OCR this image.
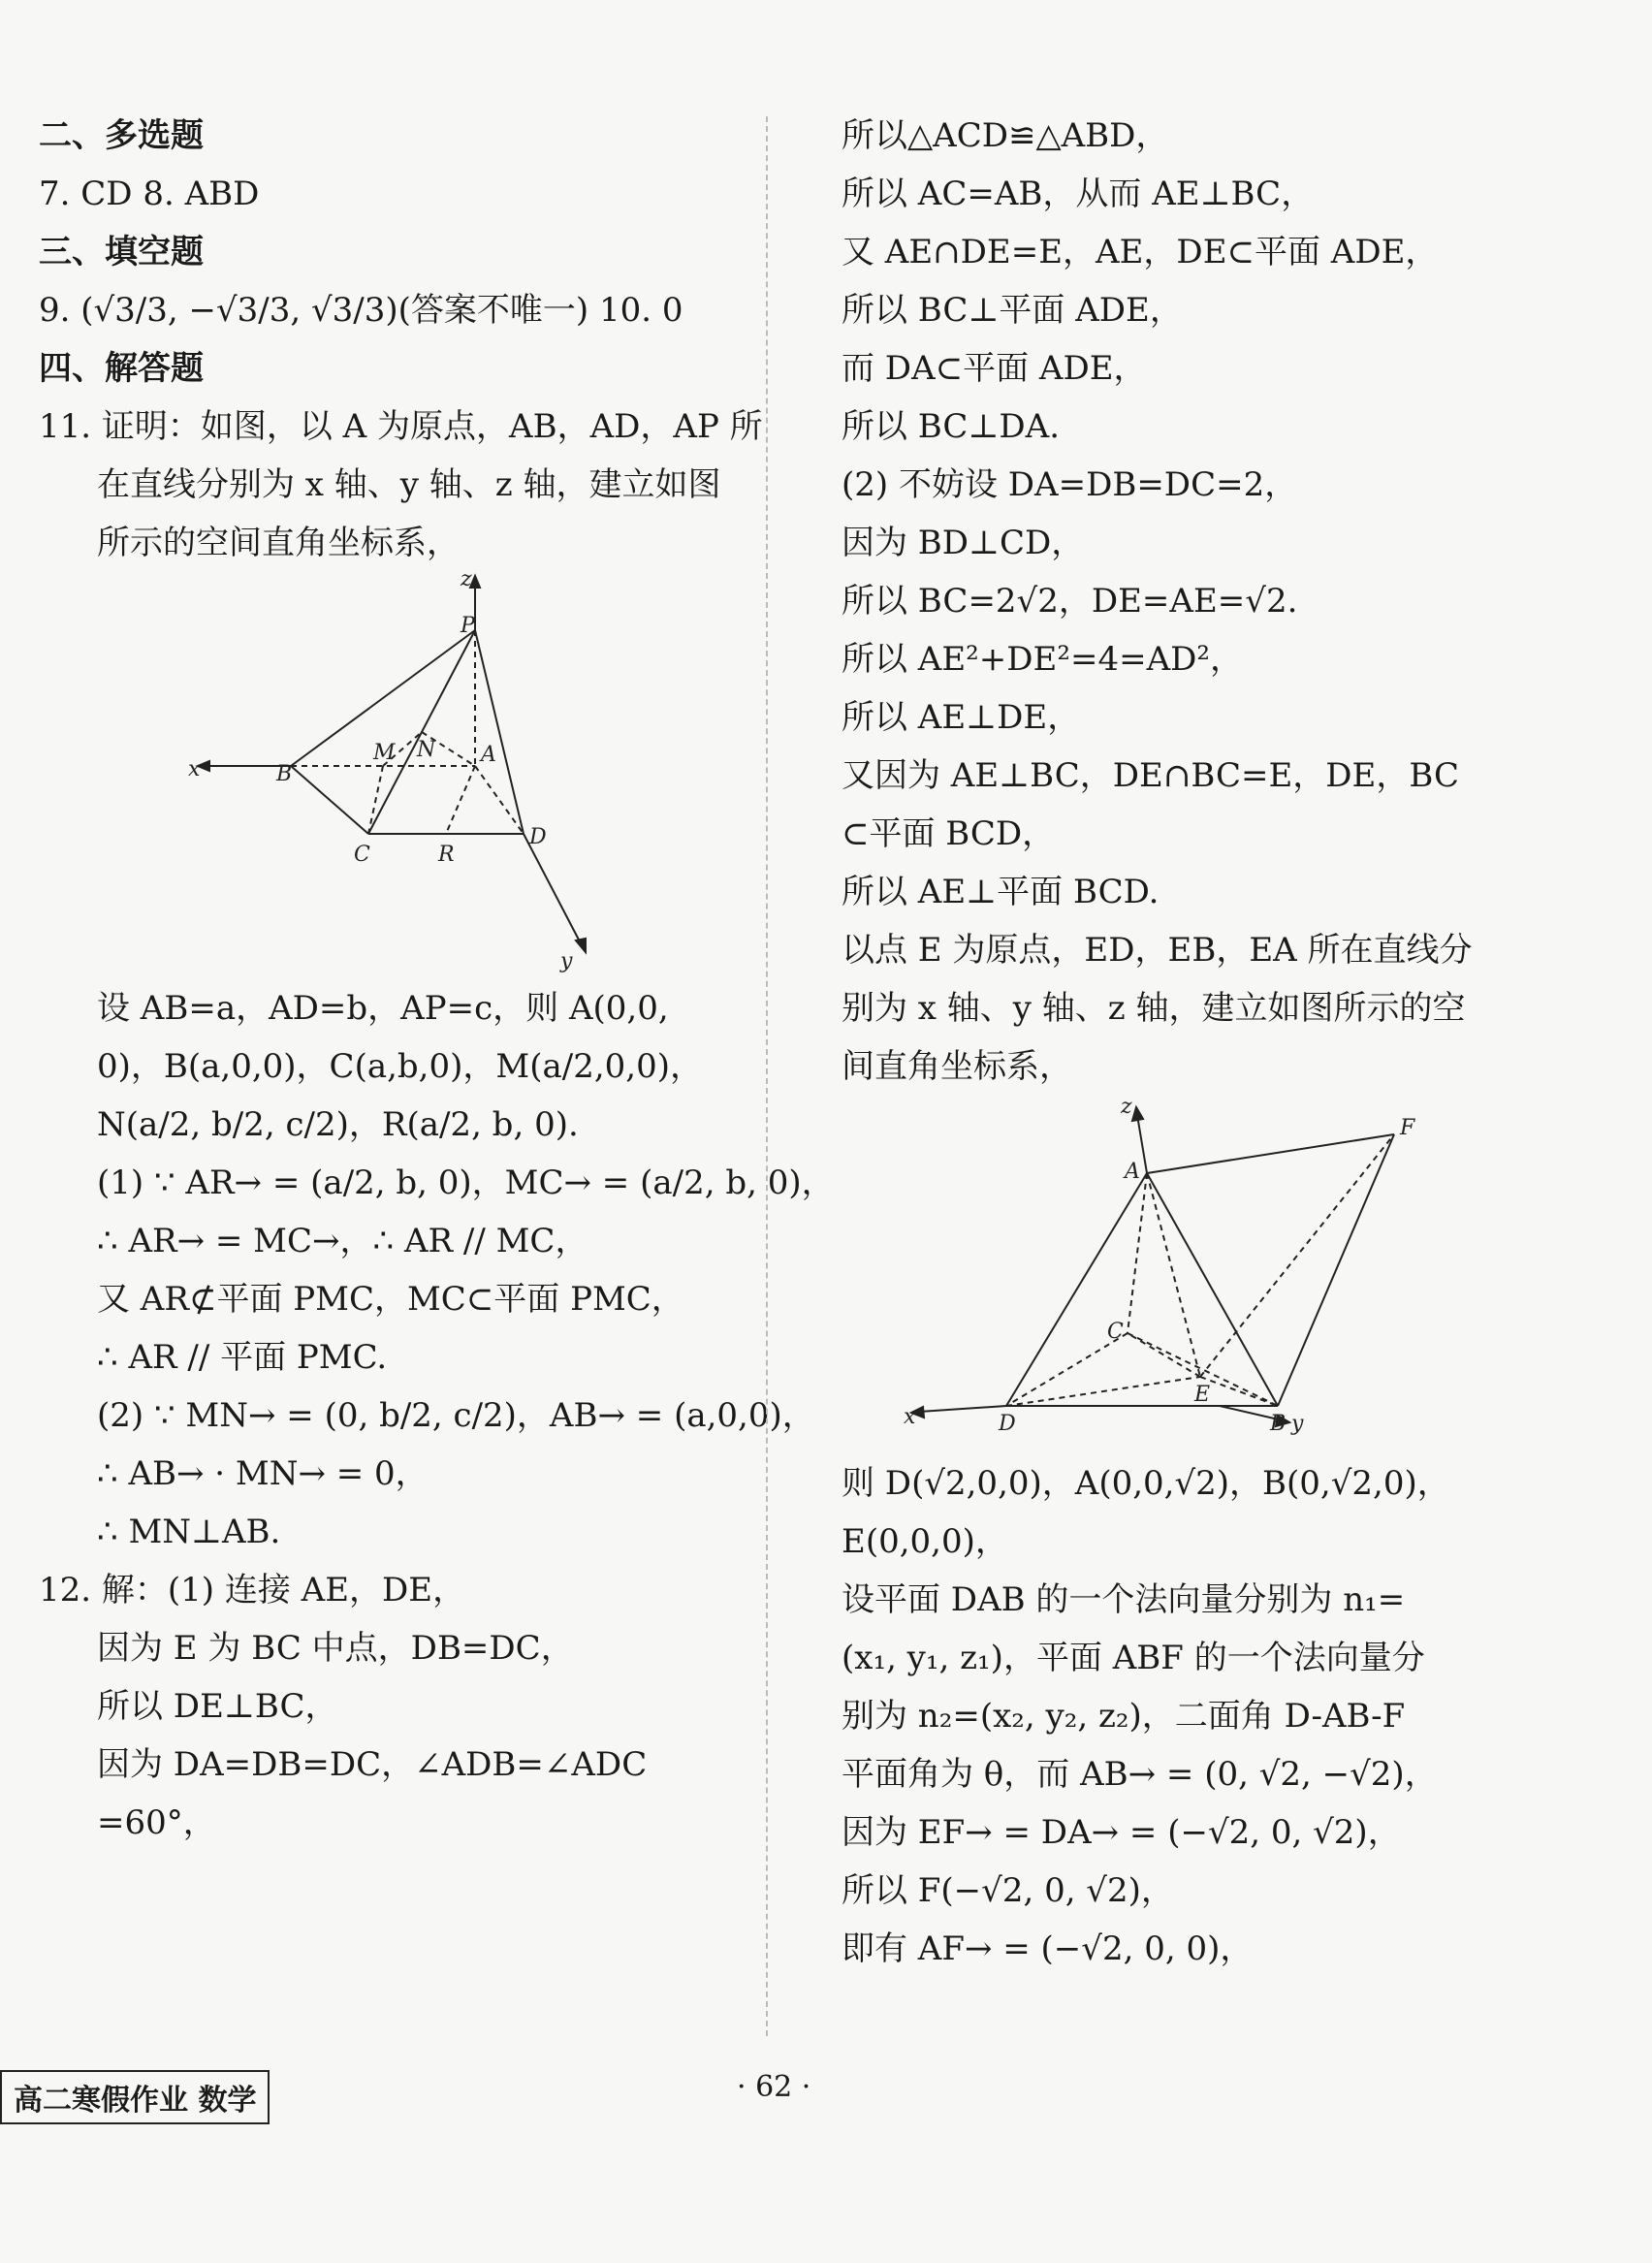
二、多选题
7. CD 8. ABD
三、填空题
9. (√3/3, −√3/3, √3/3)(答案不唯一) 10. 0
四、解答题
11. 证明：如图，以 A 为原点，AB，AD，AP 所
在直线分别为 x 轴、y 轴、z 轴，建立如图
所示的空间直角坐标系，
z
P
x	B
M N A
D
C	R
y
设 AB=a，AD=b，AP=c，则 A(0,0,
0)，B(a,0,0)，C(a,b,0)，M(a/2,0,0)，
N(a/2, b/2, c/2)，R(a/2, b, 0).
(1) ∵ AR→ = (a/2, b, 0)，MC→ = (a/2, b, 0)，
∴ AR→ = MC→，∴ AR // MC，
又 AR⊄平面 PMC，MC⊂平面 PMC，
∴ AR // 平面 PMC.
(2) ∵ MN→ = (0, b/2, c/2)，AB→ = (a,0,0)，
∴ AB→ · MN→ = 0，
∴ MN⊥AB.
12. 解：(1) 连接 AE，DE，
因为 E 为 BC 中点，DB=DC，
所以 DE⊥BC，
因为 DA=DB=DC，∠ADB=∠ADC
=60°，
所以△ACD≌△ABD，
所以 AC=AB，从而 AE⊥BC，
又 AE∩DE=E，AE，DE⊂平面 ADE，
所以 BC⊥平面 ADE，
而 DA⊂平面 ADE，
所以 BC⊥DA.
(2) 不妨设 DA=DB=DC=2，
因为 BD⊥CD，
所以 BC=2√2，DE=AE=√2.
所以 AE²+DE²=4=AD²，
所以 AE⊥DE，
又因为 AE⊥BC，DE∩BC=E，DE，BC
⊂平面 BCD，
所以 AE⊥平面 BCD.
以点 E 为原点，ED，EB，EA 所在直线分
别为 x 轴、y 轴、z 轴，建立如图所示的空
间直角坐标系，
z
F
A
C
E
x	D	B y
则 D(√2,0,0)，A(0,0,√2)，B(0,√2,0)，
E(0,0,0)，
设平面 DAB 的一个法向量分别为 n₁=
(x₁, y₁, z₁)，平面 ABF 的一个法向量分
别为 n₂=(x₂, y₂, z₂)，二面角 D-AB-F
平面角为 θ，而 AB→ = (0, √2, −√2)，
因为 EF→ = DA→ = (−√2, 0, √2)，
所以 F(−√2, 0, √2)，
即有 AF→ = (−√2, 0, 0)，
高二寒假作业 数学	· 62 ·
